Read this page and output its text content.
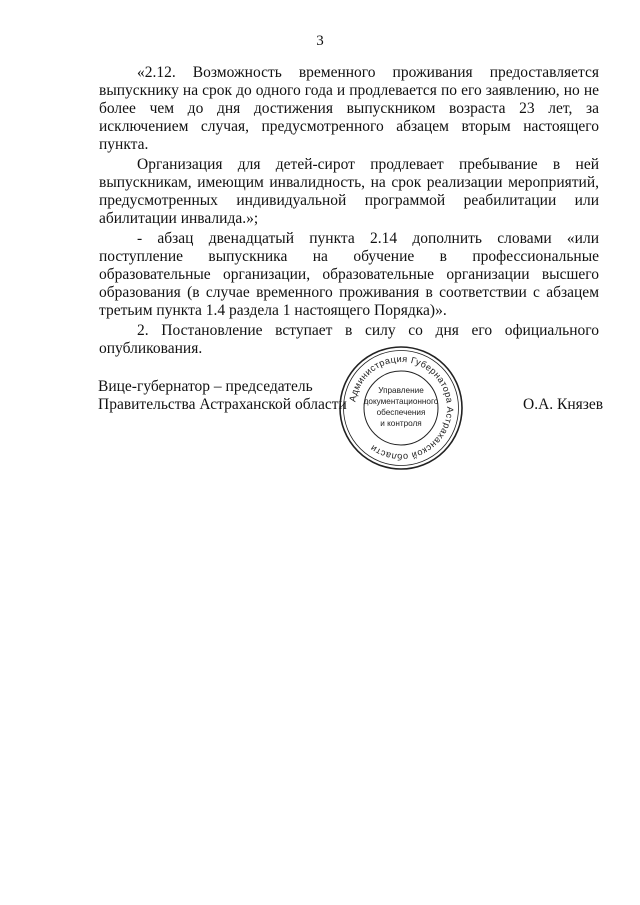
3

«2.12. Возможность временного проживания предоставляется выпускнику на срок до одного года и продлевается по его заявлению, но не более чем до дня достижения выпускником возраста 23 лет, за исключением случая, предусмотренного абзацем вторым настоящего пункта.

Организация для детей-сирот продлевает пребывание в ней выпускникам, имеющим инвалидность, на срок реализации мероприятий, предусмотренных индивидуальной программой реабилитации или абилитации инвалида.»;

- абзац двенадцатый пункта 2.14 дополнить словами «или поступление выпускника на обучение в профессиональные образовательные организации, образовательные организации высшего образования (в случае временного проживания в соответствии с абзацем третьим пункта 1.4 раздела 1 настоящего Порядка)».

2. Постановление вступает в силу со дня его официального опубликования.

Вице-губернатор – председатель
Правительства Астраханской области Администрация Губернатора Астраханской области
Управление
документационного
обеспечения
и контроля
О.А. Князев
